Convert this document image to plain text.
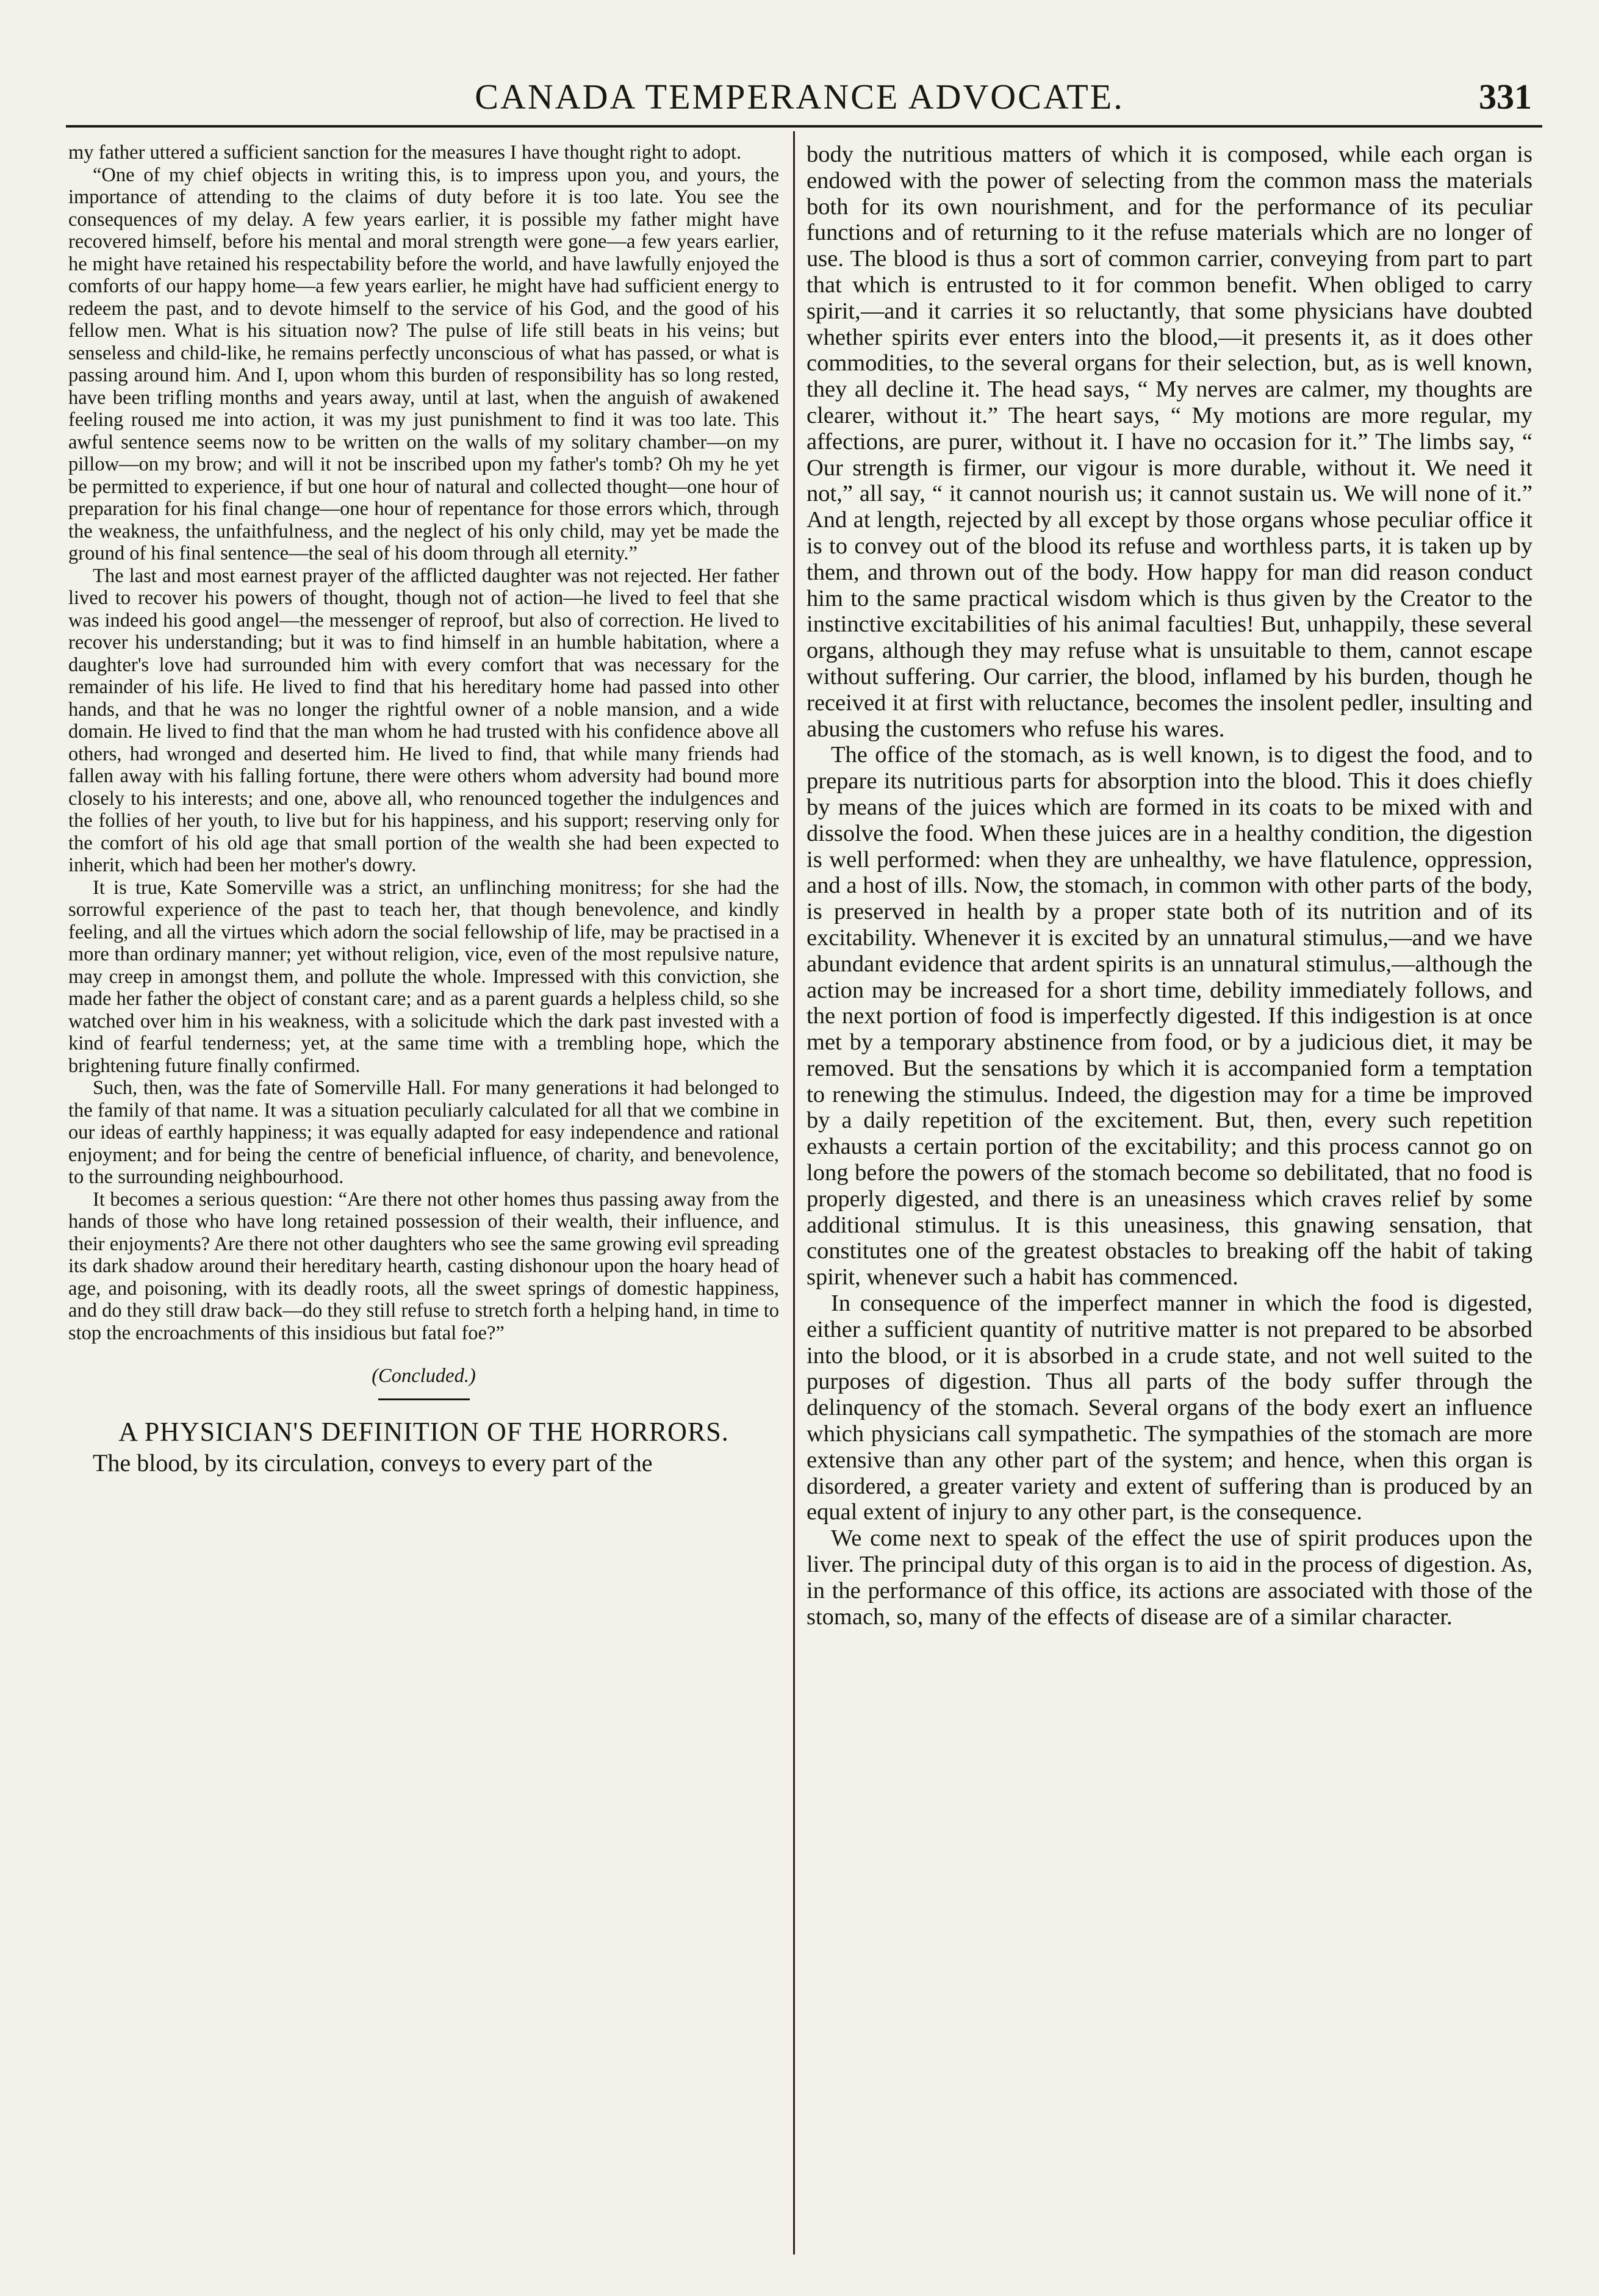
CANADA TEMPERANCE ADVOCATE.	331

my father uttered a sufficient sanction for the measures I have thought right to adopt.

“One of my chief objects in writing this, is to impress upon you, and yours, the importance of attending to the claims of duty before it is too late. You see the consequences of my delay. A few years earlier, it is possible my father might have recovered himself, before his mental and moral strength were gone—a few years earlier, he might have retained his respectability before the world, and have lawfully enjoyed the comforts of our happy home—a few years earlier, he might have had sufficient energy to redeem the past, and to devote himself to the service of his God, and the good of his fellow men. What is his situation now? The pulse of life still beats in his veins; but senseless and child-like, he remains perfectly unconscious of what has passed, or what is passing around him. And I, upon whom this burden of responsibility has so long rested, have been trifling months and years away, until at last, when the anguish of awakened feeling roused me into action, it was my just punishment to find it was too late. This awful sentence seems now to be written on the walls of my solitary chamber—on my pillow—on my brow; and will it not be inscribed upon my father's tomb? Oh my he yet be permitted to experience, if but one hour of natural and collected thought—one hour of preparation for his final change—one hour of repentance for those errors which, through the weakness, the unfaithfulness, and the neglect of his only child, may yet be made the ground of his final sentence—the seal of his doom through all eternity.”

The last and most earnest prayer of the afflicted daughter was not rejected. Her father lived to recover his powers of thought, though not of action—he lived to feel that she was indeed his good angel—the messenger of reproof, but also of correction. He lived to recover his understanding; but it was to find himself in an humble habitation, where a daughter's love had surrounded him with every comfort that was necessary for the remainder of his life. He lived to find that his hereditary home had passed into other hands, and that he was no longer the rightful owner of a noble mansion, and a wide domain. He lived to find that the man whom he had trusted with his confidence above all others, had wronged and deserted him. He lived to find, that while many friends had fallen away with his falling fortune, there were others whom adversity had bound more closely to his interests; and one, above all, who renounced together the indulgences and the follies of her youth, to live but for his happiness, and his support; reserving only for the comfort of his old age that small portion of the wealth she had been expected to inherit, which had been her mother's dowry.

It is true, Kate Somerville was a strict, an unflinching monitress; for she had the sorrowful experience of the past to teach her, that though benevolence, and kindly feeling, and all the virtues which adorn the social fellowship of life, may be practised in a more than ordinary manner; yet without religion, vice, even of the most repulsive nature, may creep in amongst them, and pollute the whole. Impressed with this conviction, she made her father the object of constant care; and as a parent guards a helpless child, so she watched over him in his weakness, with a solicitude which the dark past invested with a kind of fearful tenderness; yet, at the same time with a trembling hope, which the brightening future finally confirmed.

Such, then, was the fate of Somerville Hall. For many generations it had belonged to the family of that name. It was a situation peculiarly calculated for all that we combine in our ideas of earthly happiness; it was equally adapted for easy independence and rational enjoyment; and for being the centre of beneficial influence, of charity, and benevolence, to the surrounding neighbourhood.

It becomes a serious question: “Are there not other homes thus passing away from the hands of those who have long retained possession of their wealth, their influence, and their enjoyments? Are there not other daughters who see the same growing evil spreading its dark shadow around their hereditary hearth, casting dishonour upon the hoary head of age, and poisoning, with its deadly roots, all the sweet springs of domestic happiness, and do they still draw back—do they still refuse to stretch forth a helping hand, in time to stop the encroachments of this insidious but fatal foe?”

(Concluded.)
A PHYSICIAN'S DEFINITION OF THE HORRORS.

The blood, by its circulation, conveys to every part of the

body the nutritious matters of which it is composed, while each organ is endowed with the power of selecting from the common mass the materials both for its own nourishment, and for the performance of its peculiar functions and of returning to it the refuse materials which are no longer of use. The blood is thus a sort of common carrier, conveying from part to part that which is entrusted to it for common benefit. When obliged to carry spirit,—and it carries it so reluctantly, that some physicians have doubted whether spirits ever enters into the blood,—it presents it, as it does other commodities, to the several organs for their selection, but, as is well known, they all decline it. The head says, “ My nerves are calmer, my thoughts are clearer, without it.” The heart says, “ My motions are more regular, my affections, are purer, without it. I have no occasion for it.” The limbs say, “ Our strength is firmer, our vigour is more durable, without it. We need it not,” all say, “ it cannot nourish us; it cannot sustain us. We will none of it.” And at length, rejected by all except by those organs whose peculiar office it is to convey out of the blood its refuse and worthless parts, it is taken up by them, and thrown out of the body. How happy for man did reason conduct him to the same practical wisdom which is thus given by the Creator to the instinctive excitabilities of his animal faculties! But, unhappily, these several organs, although they may refuse what is unsuitable to them, cannot escape without suffering. Our carrier, the blood, inflamed by his burden, though he received it at first with reluctance, becomes the insolent pedler, insulting and abusing the customers who refuse his wares.

The office of the stomach, as is well known, is to digest the food, and to prepare its nutritious parts for absorption into the blood. This it does chiefly by means of the juices which are formed in its coats to be mixed with and dissolve the food. When these juices are in a healthy condition, the digestion is well performed: when they are unhealthy, we have flatulence, oppression, and a host of ills. Now, the stomach, in common with other parts of the body, is preserved in health by a proper state both of its nutrition and of its excitability. Whenever it is excited by an unnatural stimulus,—and we have abundant evidence that ardent spirits is an unnatural stimulus,—although the action may be increased for a short time, debility immediately follows, and the next portion of food is imperfectly digested. If this indigestion is at once met by a temporary abstinence from food, or by a judicious diet, it may be removed. But the sensations by which it is accompanied form a temptation to renewing the stimulus. Indeed, the digestion may for a time be improved by a daily repetition of the excitement. But, then, every such repetition exhausts a certain portion of the excitability; and this process cannot go on long before the powers of the stomach become so debilitated, that no food is properly digested, and there is an uneasiness which craves relief by some additional stimulus. It is this uneasiness, this gnawing sensation, that constitutes one of the greatest obstacles to breaking off the habit of taking spirit, whenever such a habit has commenced.

In consequence of the imperfect manner in which the food is digested, either a sufficient quantity of nutritive matter is not prepared to be absorbed into the blood, or it is absorbed in a crude state, and not well suited to the purposes of digestion. Thus all parts of the body suffer through the delinquency of the stomach. Several organs of the body exert an influence which physicians call sympathetic. The sympathies of the stomach are more extensive than any other part of the system; and hence, when this organ is disordered, a greater variety and extent of suffering than is produced by an equal extent of injury to any other part, is the consequence.

We come next to speak of the effect the use of spirit produces upon the liver. The principal duty of this organ is to aid in the process of digestion. As, in the performance of this office, its actions are associated with those of the stomach, so, many of the effects of disease are of a similar character.
